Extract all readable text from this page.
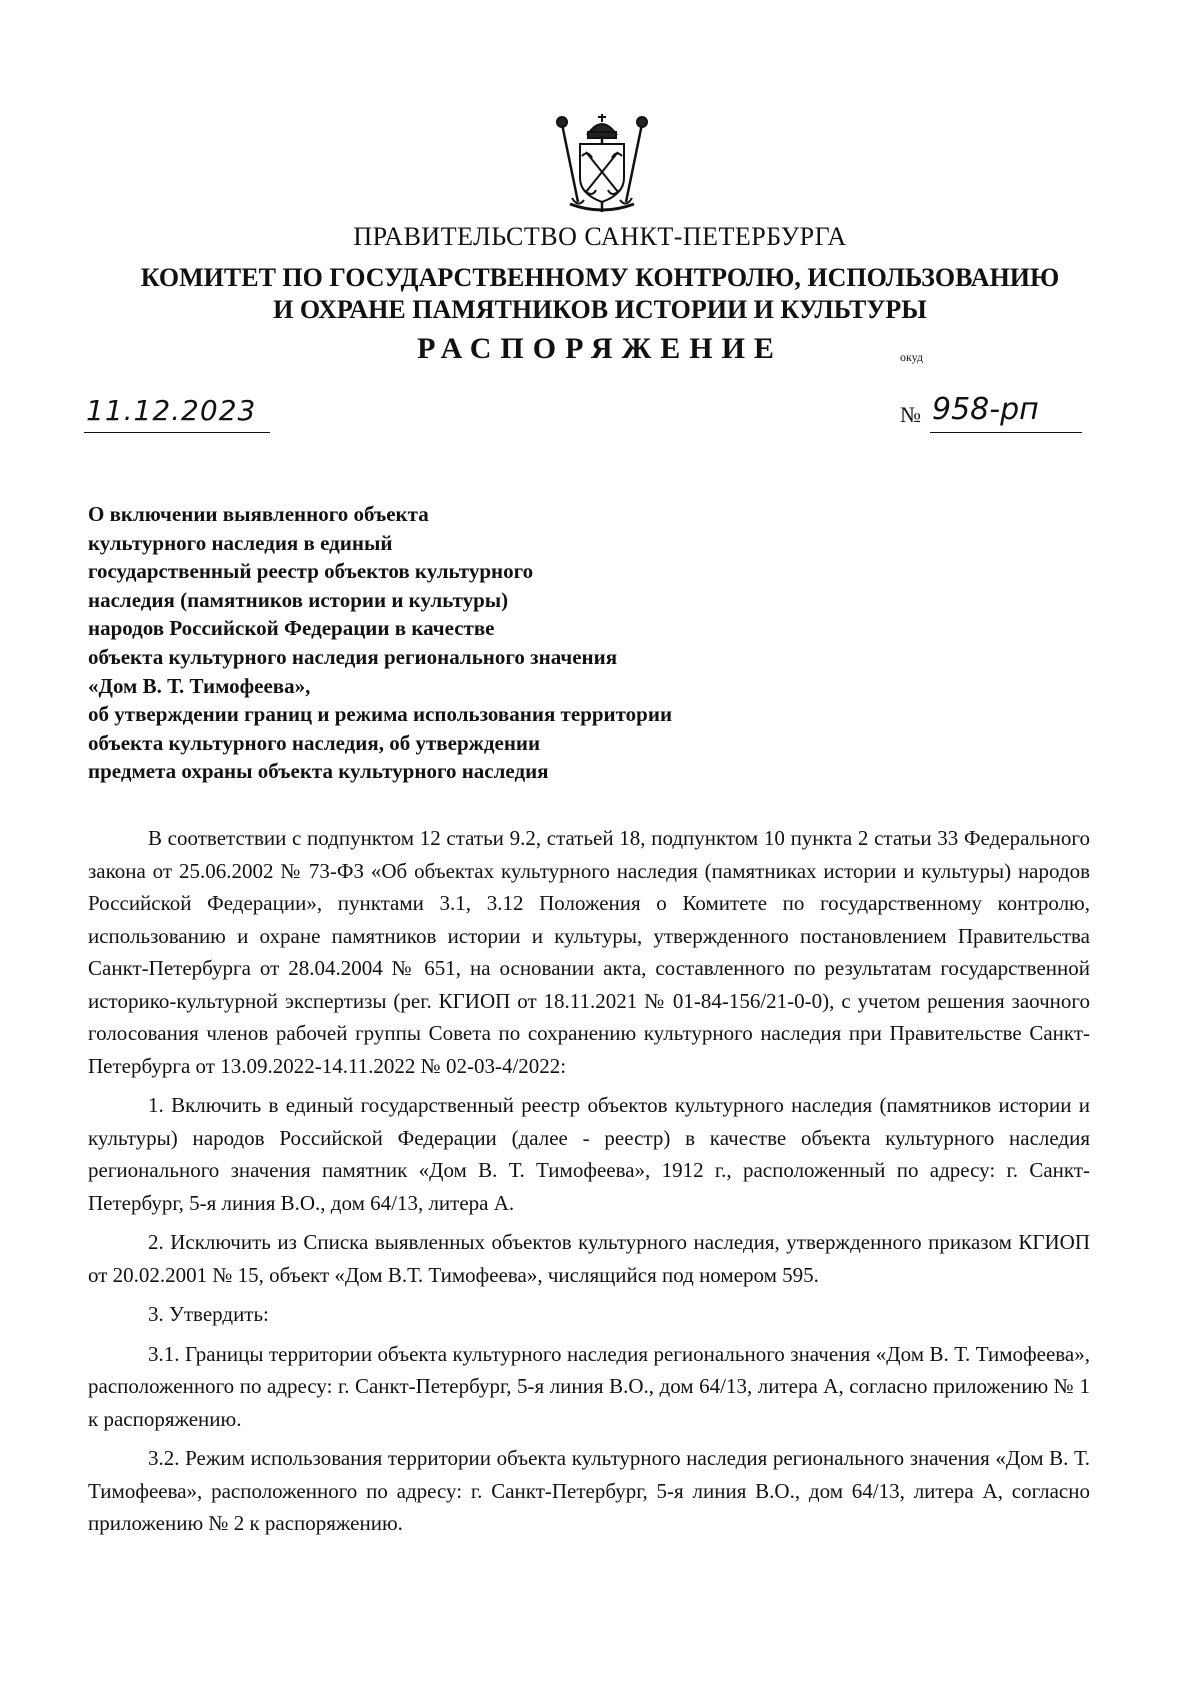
ПРАВИТЕЛЬСТВО САНКТ-ПЕТЕРБУРГА
КОМИТЕТ ПО ГОСУДАРСТВЕННОМУ КОНТРОЛЮ, ИСПОЛЬЗОВАНИЮ
И ОХРАНЕ ПАМЯТНИКОВ ИСТОРИИ И КУЛЬТУРЫ
РАСПОРЯЖЕНИЕ	окуд
11.12.2023	№ 958-рп
О включении выявленного объекта
культурного наследия в единый
государственный реестр объектов культурного
наследия (памятников истории и культуры)
народов Российской Федерации в качестве
объекта культурного наследия регионального значения
«Дом В. Т. Тимофеева»,
об утверждении границ и режима использования территории
объекта культурного наследия, об утверждении
предмета охраны объекта культурного наследия

В соответствии с подпунктом 12 статьи 9.2, статьей 18, подпунктом 10 пункта 2 статьи 33 Федерального закона от 25.06.2002 № 73-ФЗ «Об объектах культурного наследия (памятниках истории и культуры) народов Российской Федерации», пунктами 3.1, 3.12 Положения о Комитете по государственному контролю, использованию и охране памятников истории и культуры, утвержденного постановлением Правительства Санкт-Петербурга от 28.04.2004 № 651, на основании акта, составленного по результатам государственной историко-культурной экспертизы (рег. КГИОП от 18.11.2021 № 01-84-156/21-0-0), с учетом решения заочного голосования членов рабочей группы Совета по сохранению культурного наследия при Правительстве Санкт-Петербурга от 13.09.2022-14.11.2022 № 02-03-4/2022:

1. Включить в единый государственный реестр объектов культурного наследия (памятников истории и культуры) народов Российской Федерации (далее - реестр) в качестве объекта культурного наследия регионального значения памятник «Дом В. Т. Тимофеева», 1912 г., расположенный по адресу: г. Санкт-Петербург, 5-я линия В.О., дом 64/13, литера А.

2. Исключить из Списка выявленных объектов культурного наследия, утвержденного приказом КГИОП от 20.02.2001 № 15, объект «Дом В.Т. Тимофеева», числящийся под номером 595.

3. Утвердить:

3.1. Границы территории объекта культурного наследия регионального значения «Дом В. Т. Тимофеева», расположенного по адресу: г. Санкт-Петербург, 5-я линия В.О., дом 64/13, литера А, согласно приложению № 1 к распоряжению.

3.2. Режим использования территории объекта культурного наследия регионального значения «Дом В. Т. Тимофеева», расположенного по адресу: г. Санкт-Петербург, 5-я линия В.О., дом 64/13, литера А, согласно приложению № 2 к распоряжению.
